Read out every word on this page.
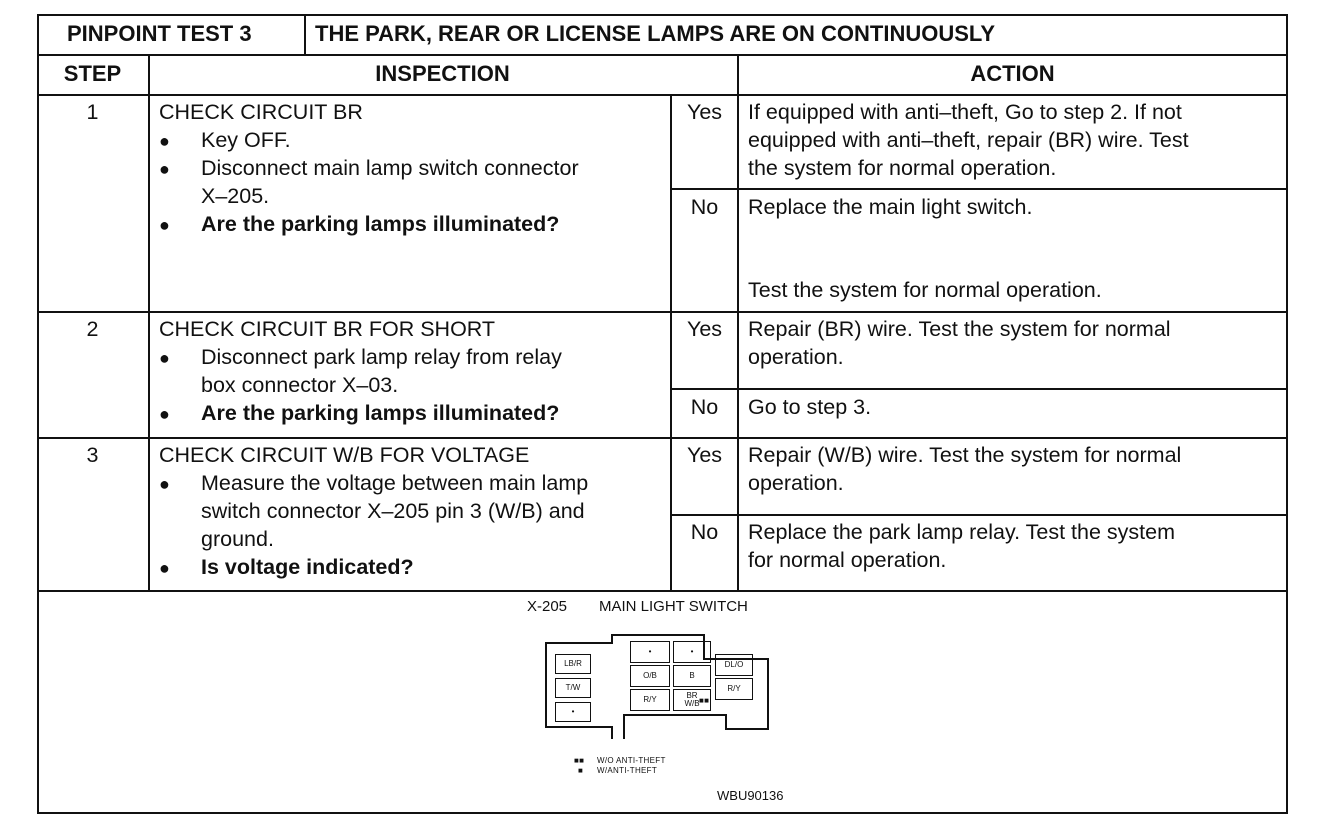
PINPOINT TEST 3	THE PARK, REAR OR LICENSE LAMPS ARE ON CONTINUOUSLY
STEP	INSPECTION	ACTION
1	CHECK CIRCUIT BR
● Key OFF.
● Disconnect main lamp switch connector
X–205.
● Are the parking lamps illuminated?
Yes	If equipped with anti–theft, Go to step 2. If not
equipped with anti–theft, repair (BR) wire. Test
the system for normal operation.
No	Replace the main light switch.
Test the system for normal operation.
2	CHECK CIRCUIT BR FOR SHORT
● Disconnect park lamp relay from relay
box connector X–03.
● Are the parking lamps illuminated?
Yes	Repair (BR) wire. Test the system for normal
operation.
No	Go to step 3.
3	CHECK CIRCUIT W/B FOR VOLTAGE
● Measure the voltage between main lamp
switch connector X–205 pin 3 (W/B) and
ground.
● Is voltage indicated?
Yes	Repair (W/B) wire. Test the system for normal
operation.
No	Replace the park lamp relay. Test the system
for normal operation.
X-205 MAIN LIGHT SWITCH
LB/R
T/W
•
•	•
O/B	B
R/Y	BR
W/B ■■
DL/O
R/Y
■■ W/O ANTI-THEFT
■ W/ANTI-THEFT
WBU90136
